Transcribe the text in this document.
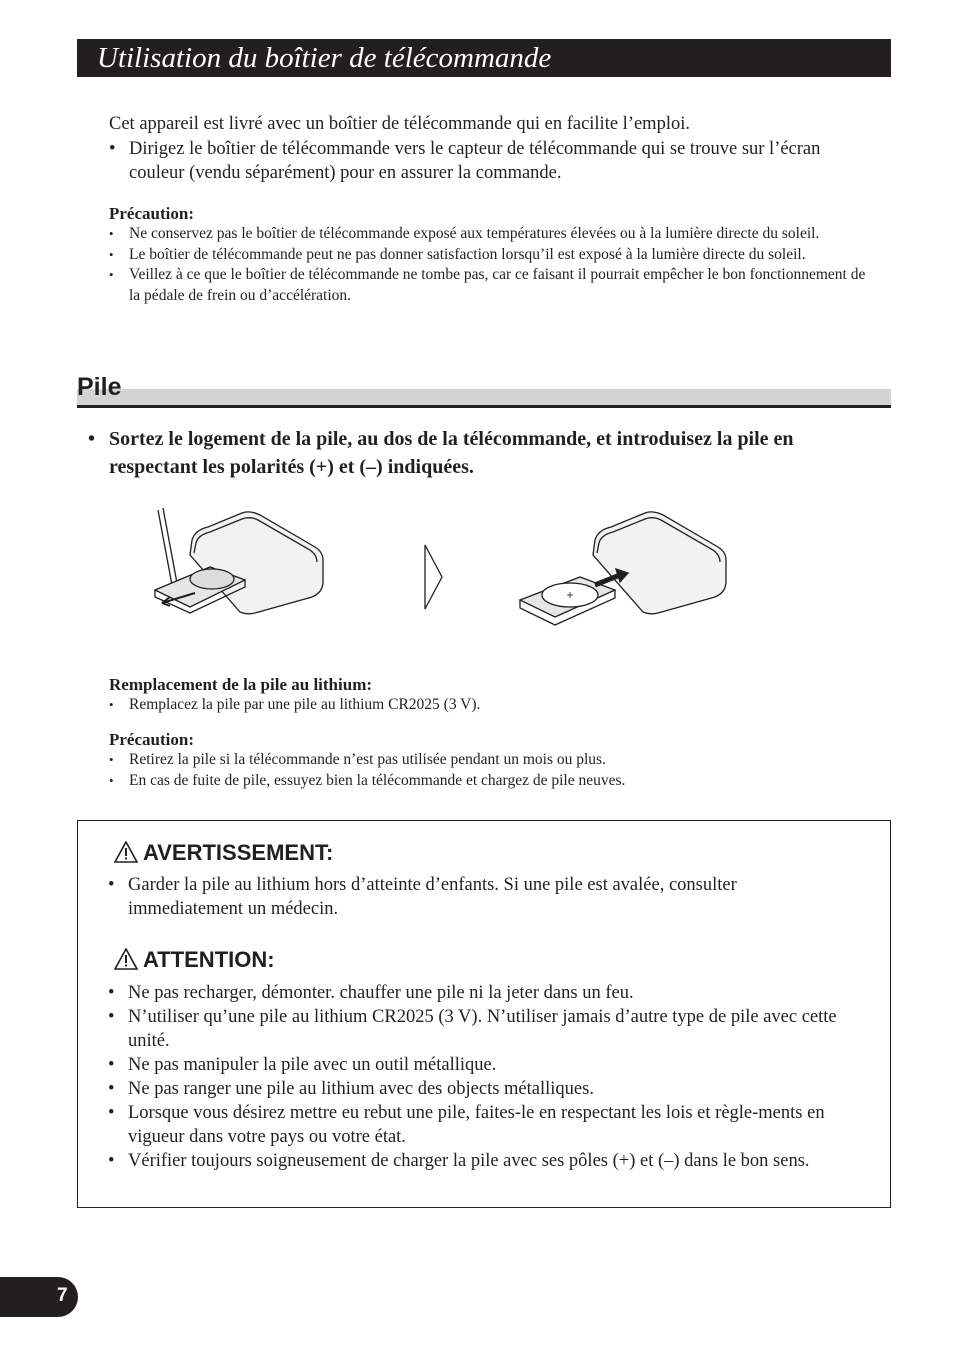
Utilisation du boîtier de télécommande

Cet appareil est livré avec un boîtier de télécommande qui en facilite l’emploi.

• Dirigez le boîtier de télécommande vers le capteur de télécommande qui se trouve sur l’écran couleur (vendu séparément) pour en assurer la commande.

Précaution:

• Ne conservez pas le boîtier de télécommande exposé aux températures élevées ou à la lumière directe du soleil.
• Le boîtier de télécommande peut ne pas donner satisfaction lorsqu’il est exposé à la lumière directe du soleil.
• Veillez à ce que le boîtier de télécommande ne tombe pas, car ce faisant il pourrait empêcher le bon fonctionnement de la pédale de frein ou d’accélération.
Pile
• Sortez le logement de la pile, au dos de la télécommande, et introduisez la pile en respectant les polarités (+) et (–) indiquées.
+

Remplacement de la pile au lithium:

• Remplacez la pile par une pile au lithium CR2025 (3 V).

Précaution:

• Retirez la pile si la télécommande n’est pas utilisée pendant un mois ou plus.
• En cas de fuite de pile, essuyez bien la télécommande et chargez de pile neuves.
AVERTISSEMENT:
• Garder la pile au lithium hors d’atteinte d’enfants. Si une pile est avalée, consulter immediatement un médecin.
ATTENTION:
• Ne pas recharger, démonter. chauffer une pile ni la jeter dans un feu.
• N’utiliser qu’une pile au lithium CR2025 (3 V). N’utiliser jamais d’autre type de pile avec cette unité.
• Ne pas manipuler la pile avec un outil métallique.
• Ne pas ranger une pile au lithium avec des objects métalliques.
• Lorsque vous désirez mettre eu rebut une pile, faites-le en respectant les lois et règle-ments en vigueur dans votre pays ou votre état.
• Vérifier toujours soigneusement de charger la pile avec ses pôles (+) et (–) dans le bon sens.
7
